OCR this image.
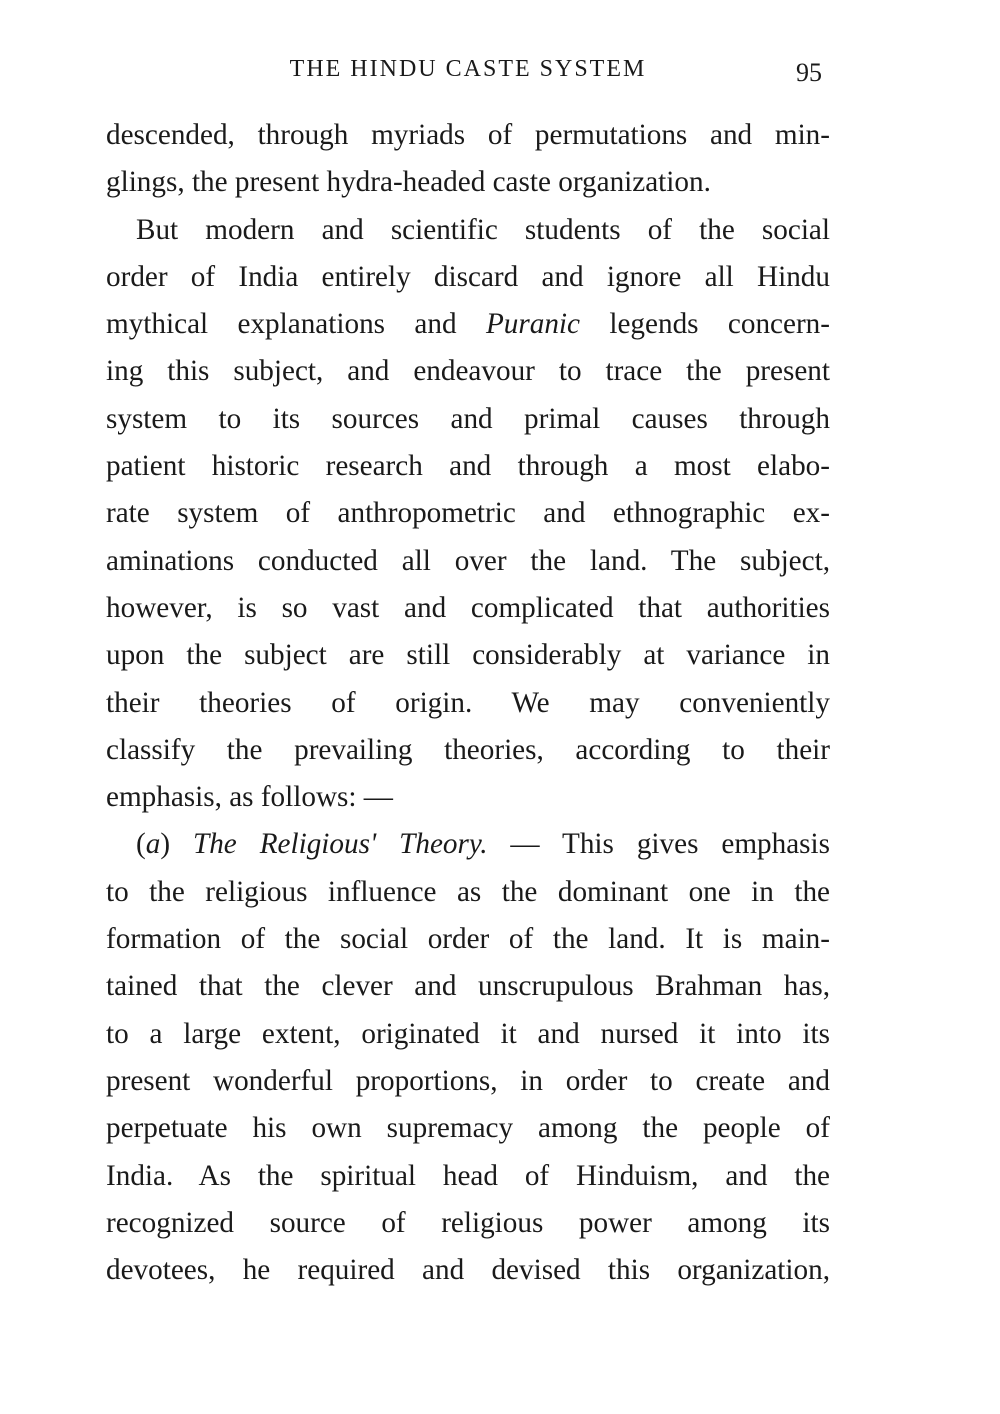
THE HINDU CASTE SYSTEM	95
descended, through myriads of permutations and min-
glings, the present hydra-headed caste organization.
But modern and scientific students of the social
order of India entirely discard and ignore all Hindu
mythical explanations and Puranic legends concern-
ing this subject, and endeavour to trace the present
system to its sources and primal causes through
patient historic research and through a most elabo-
rate system of anthropometric and ethnographic ex-
aminations conducted all over the land. The subject,
however, is so vast and complicated that authorities
upon the subject are still considerably at variance in
their theories of origin. We may conveniently
classify the prevailing theories, according to their
emphasis, as follows: —
(a) The Religious' Theory. — This gives emphasis
to the religious influence as the dominant one in the
formation of the social order of the land. It is main-
tained that the clever and unscrupulous Brahman has,
to a large extent, originated it and nursed it into its
present wonderful proportions, in order to create and
perpetuate his own supremacy among the people of
India. As the spiritual head of Hinduism, and the
recognized source of religious power among its
devotees, he required and devised this organization,
